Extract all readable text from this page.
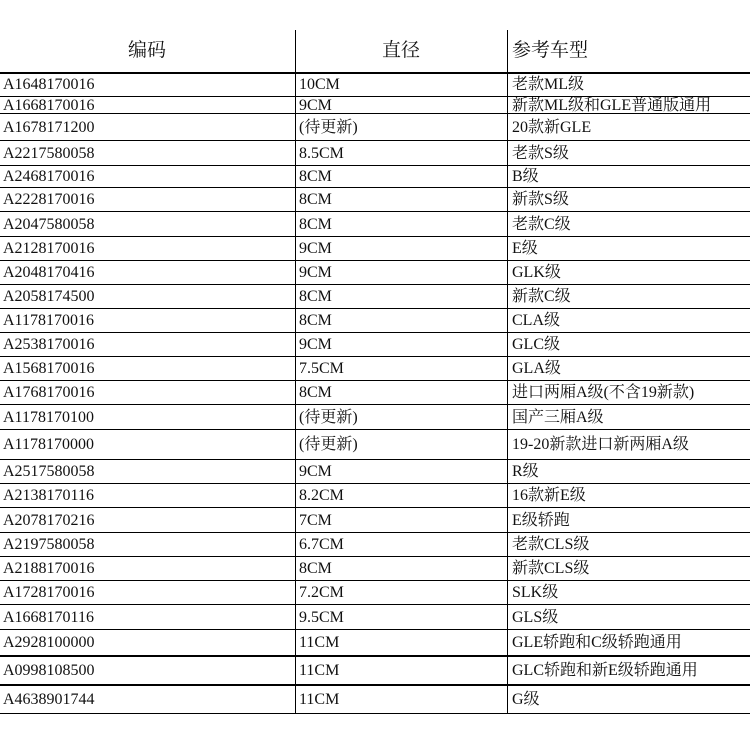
编码	直径	参考车型
A1648170016	10CM	老款ML级
A1668170016	9CM	新款ML级和GLE普通版通用
A1678171200	(待更新)	20款新GLE
A2217580058	8.5CM	老款S级
A2468170016	8CM	B级
A2228170016	8CM	新款S级
A2047580058	8CM	老款C级
A2128170016	9CM	E级
A2048170416	9CM	GLK级
A2058174500	8CM	新款C级
A1178170016	8CM	CLA级
A2538170016	9CM	GLC级
A1568170016	7.5CM	GLA级
A1768170016	8CM	进口两厢A级(不含19新款)
A1178170100	(待更新)	国产三厢A级
A1178170000	(待更新)	19-20新款进口新两厢A级
A2517580058	9CM	R级
A2138170116	8.2CM	16款新E级
A2078170216	7CM	E级轿跑
A2197580058	6.7CM	老款CLS级
A2188170016	8CM	新款CLS级
A1728170016	7.2CM	SLK级
A1668170116	9.5CM	GLS级
A2928100000	11CM	GLE轿跑和C级轿跑通用
A0998108500	11CM	GLC轿跑和新E级轿跑通用
A4638901744	11CM	G级
